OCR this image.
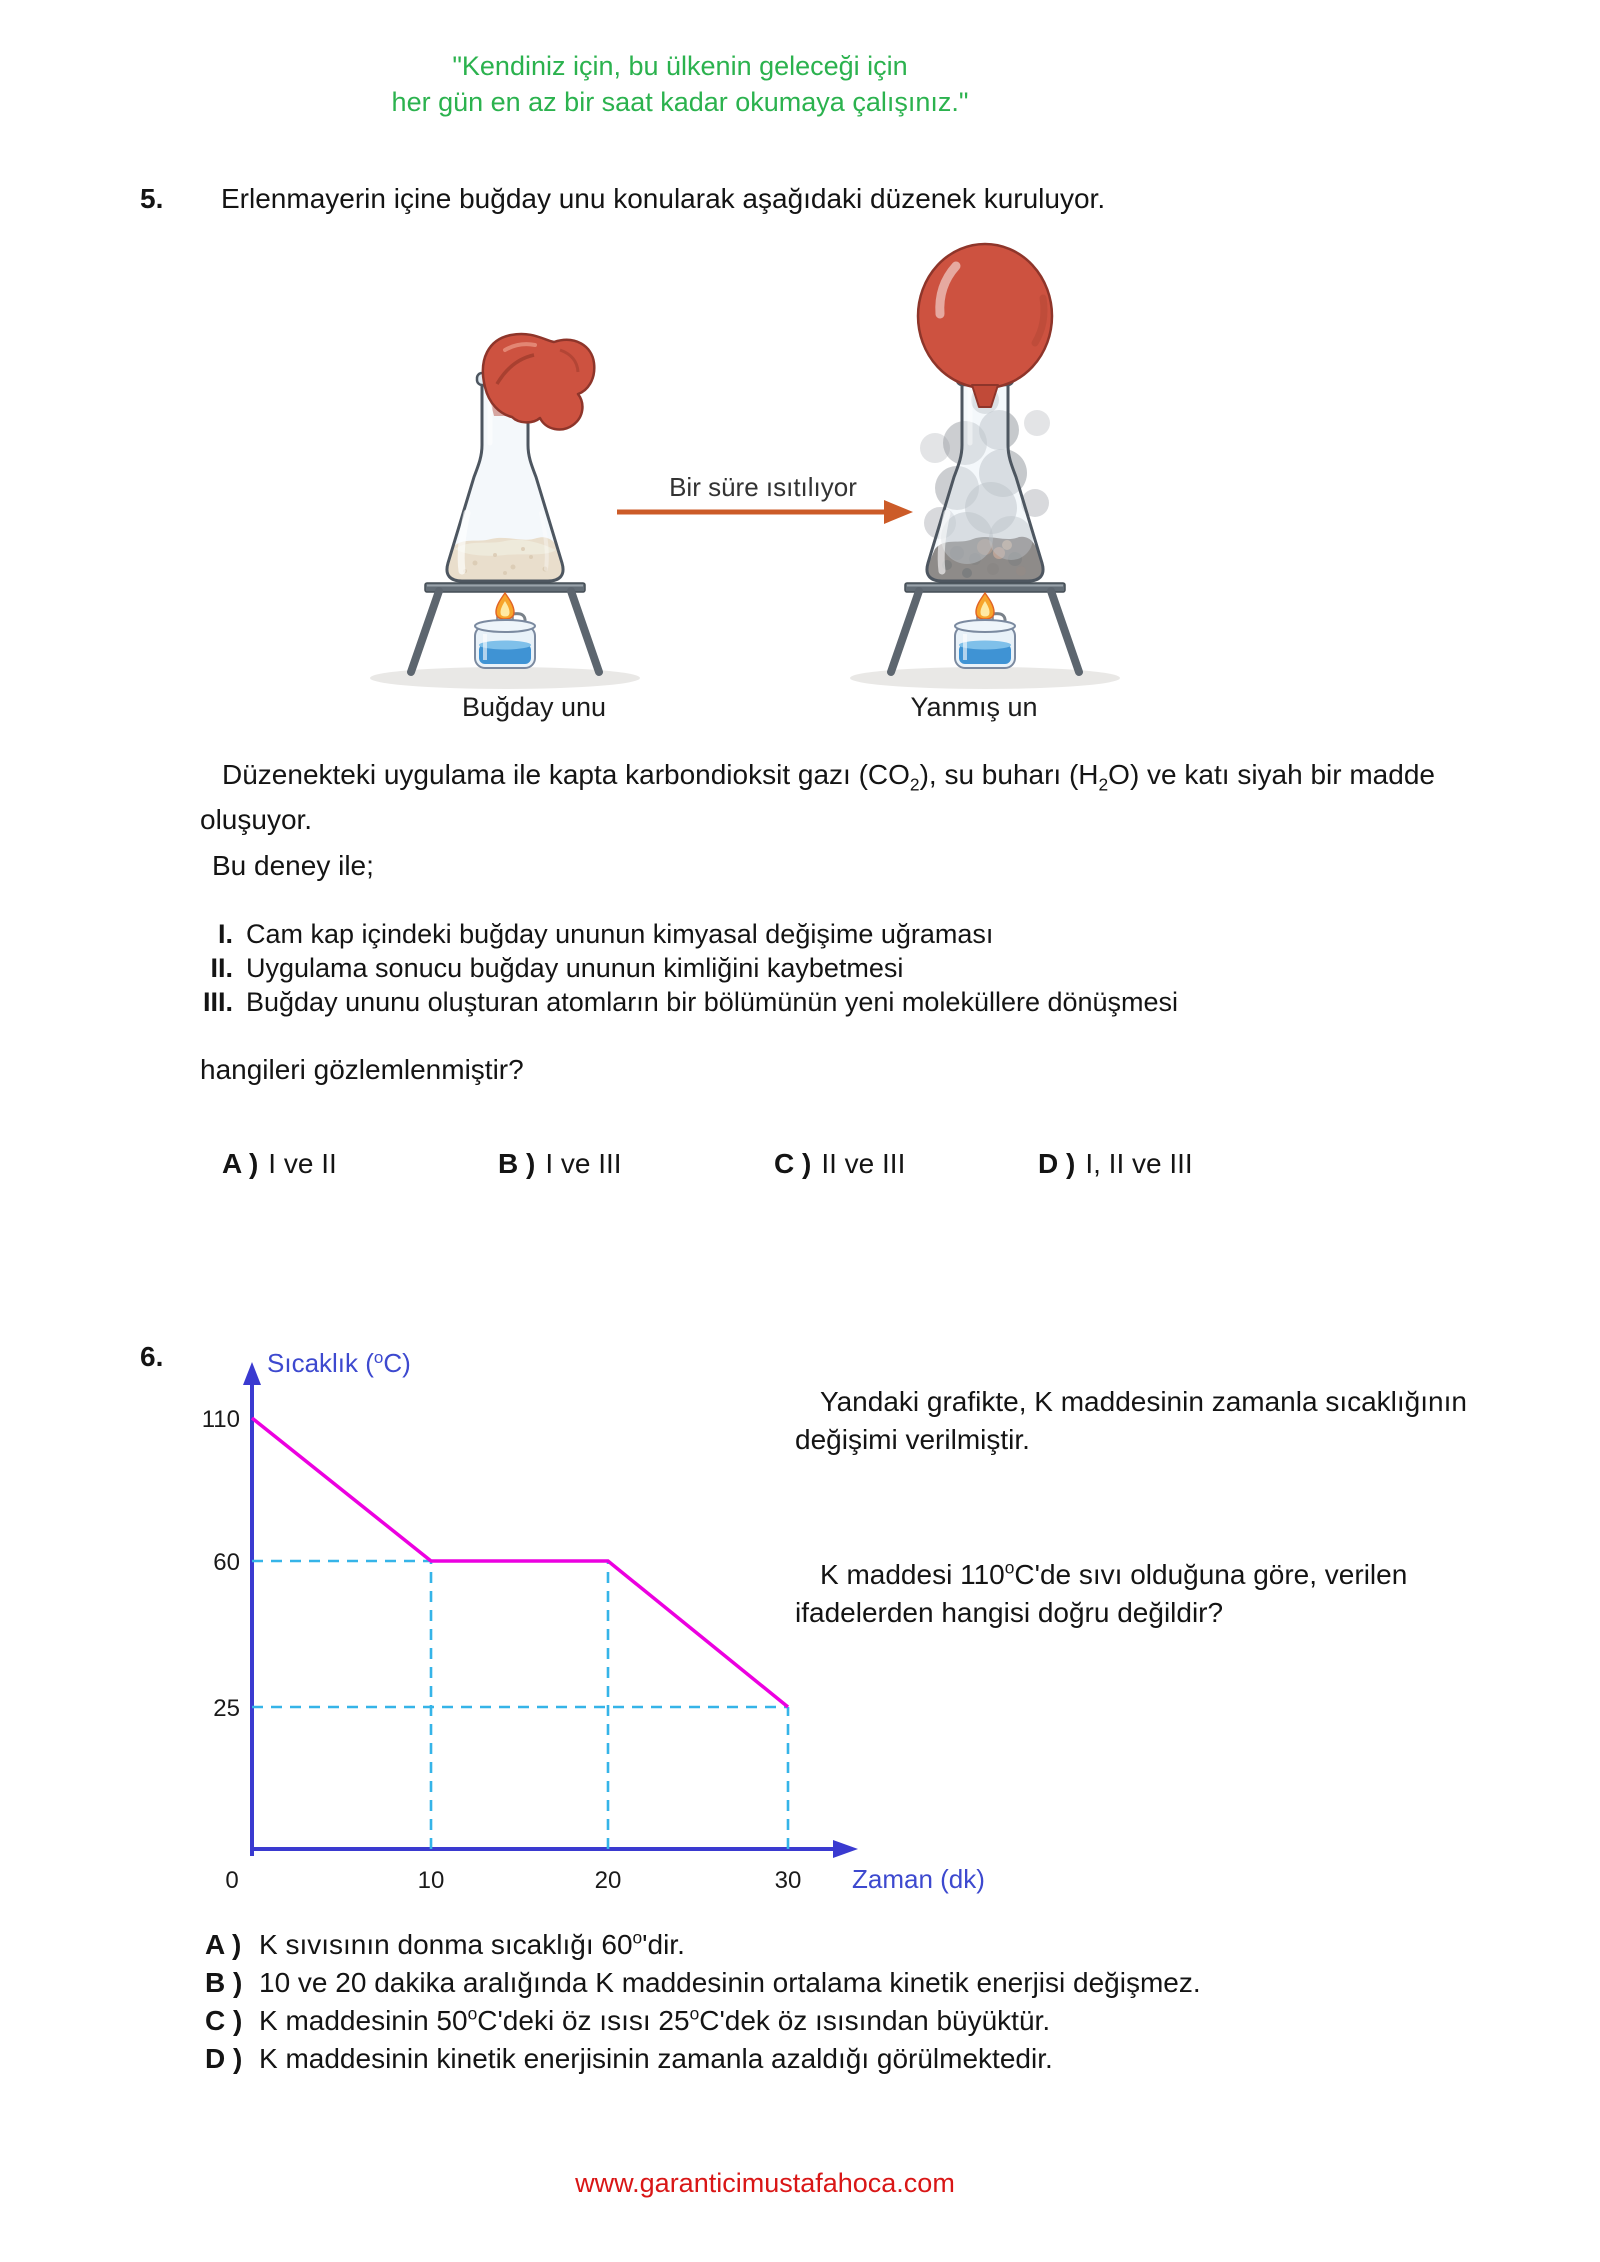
"Kendiniz için, bu ülkenin geleceği için
her gün en az bir saat kadar okumaya çalışınız."
5. Erlenmayerin içine buğday unu konularak aşağıdaki düzenek kuruluyor.
Bir süre ısıtılıyor
Buğday unu	Yanmış un
Düzenekteki uygulama ile kapta karbondioksit gazı $(CO_2)$, su buharı $(H_2O)$ ve katı siyah bir madde
oluşuyor.
Bu deney ile;
I. Cam kap içindeki buğday ununun kimyasal değişime uğraması
II. Uygulama sonucu buğday ununun kimliğini kaybetmesi
III. Buğday ununu oluşturan atomların bir bölümünün yeni moleküllere dönüşmesi
hangileri gözlemlenmiştir?
A ) I ve II	B ) I ve III	C ) II ve III	D ) I, II ve III
6.	Sıcaklık ($^o$C)
0	10	20	30
110
60
25
Zaman (dk)
Yandaki grafikte, K maddesinin zamanla sıcaklığının
değişimi verilmiştir.
K maddesi 110$^o$C'de sıvı olduğuna göre, verilen
ifadelerden hangisi doğru değildir?
A ) K sıvısının donma sıcaklığı 60$^o$'dir.
B ) 10 ve 20 dakika aralığında K maddesinin ortalama kinetik enerjisi değişmez.
C ) K maddesinin 50$^o$C'deki öz ısısı 25$^o$C'dek öz ısısından büyüktür.
D ) K maddesinin kinetik enerjisinin zamanla azaldığı görülmektedir.
www.garanticimustafahoca.com
